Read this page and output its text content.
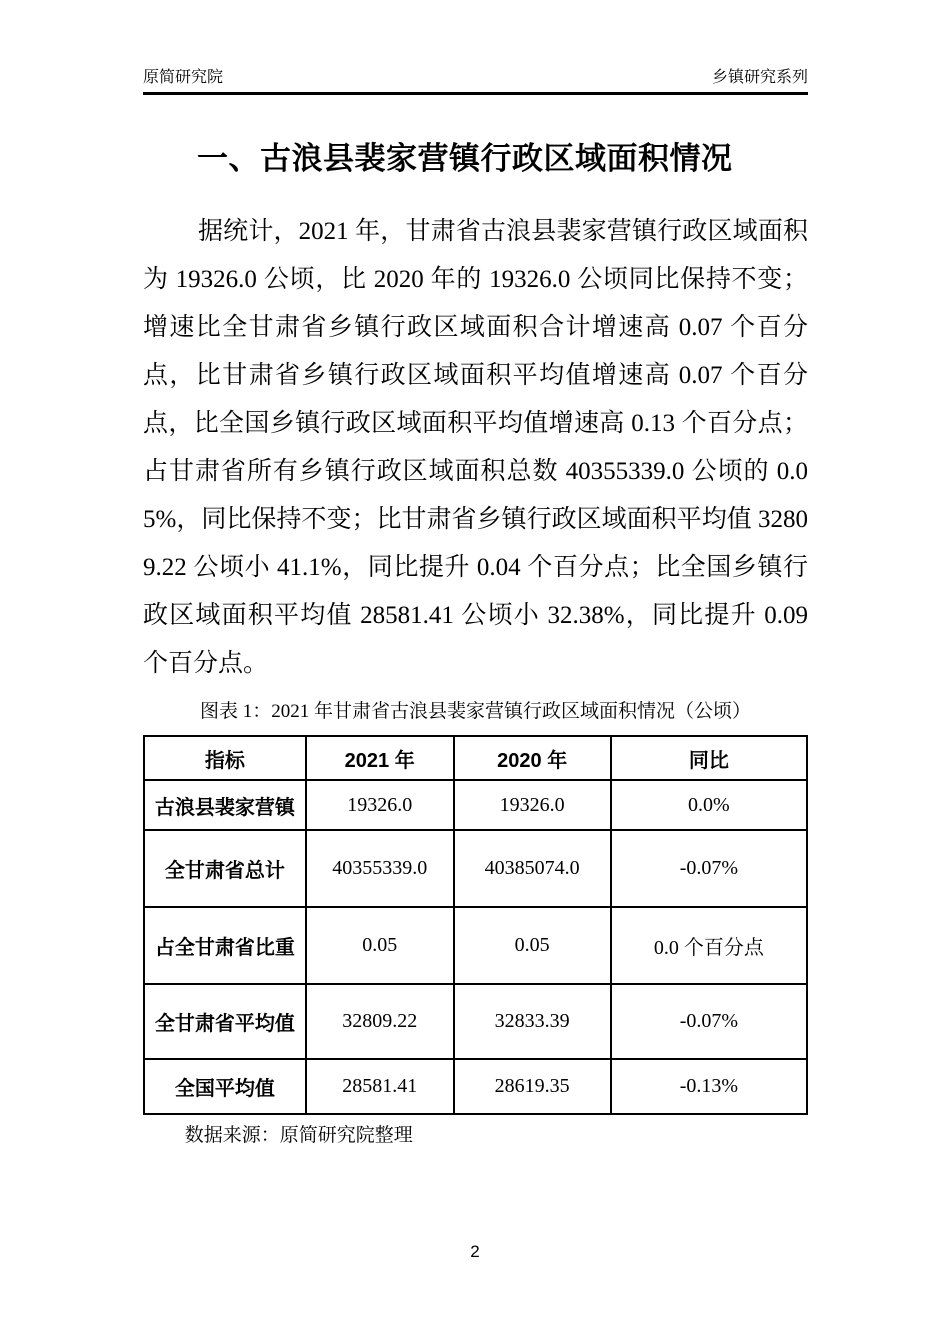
原简研究院	乡镇研究系列
一、古浪县裴家营镇行政区域面积情况

据统计，2021 年，甘肃省古浪县裴家营镇行政区域面积为 19326.0 公顷，比 2020 年的 19326.0 公顷同比保持不变；增速比全甘肃省乡镇行政区域面积合计增速高 0.07 个百分点，比甘肃省乡镇行政区域面积平均值增速高 0.07 个百分点，比全国乡镇行政区域面积平均值增速高 0.13 个百分点；占甘肃省所有乡镇行政区域面积总数 40355339.0 公顷的 0.05%，同比保持不变；比甘肃省乡镇行政区域面积平均值 32809.22 公顷小 41.1%，同比提升 0.04 个百分点；比全国乡镇行政区域面积平均值 28581.41 公顷小 32.38%，同比提升 0.09 个百分点。

图表 1：2021 年甘肃省古浪县裴家营镇行政区域面积情况（公顷）
指标	2021 年	2020 年	同比
古浪县裴家营镇	19326.0	19326.0	0.0%
全甘肃省总计	40355339.0	40385074.0	-0.07%
占全甘肃省比重	0.05	0.05	0.0 个百分点
全甘肃省平均值	32809.22	32833.39	-0.07%
全国平均值	28581.41	28619.35	-0.13%
数据来源：原简研究院整理
2
